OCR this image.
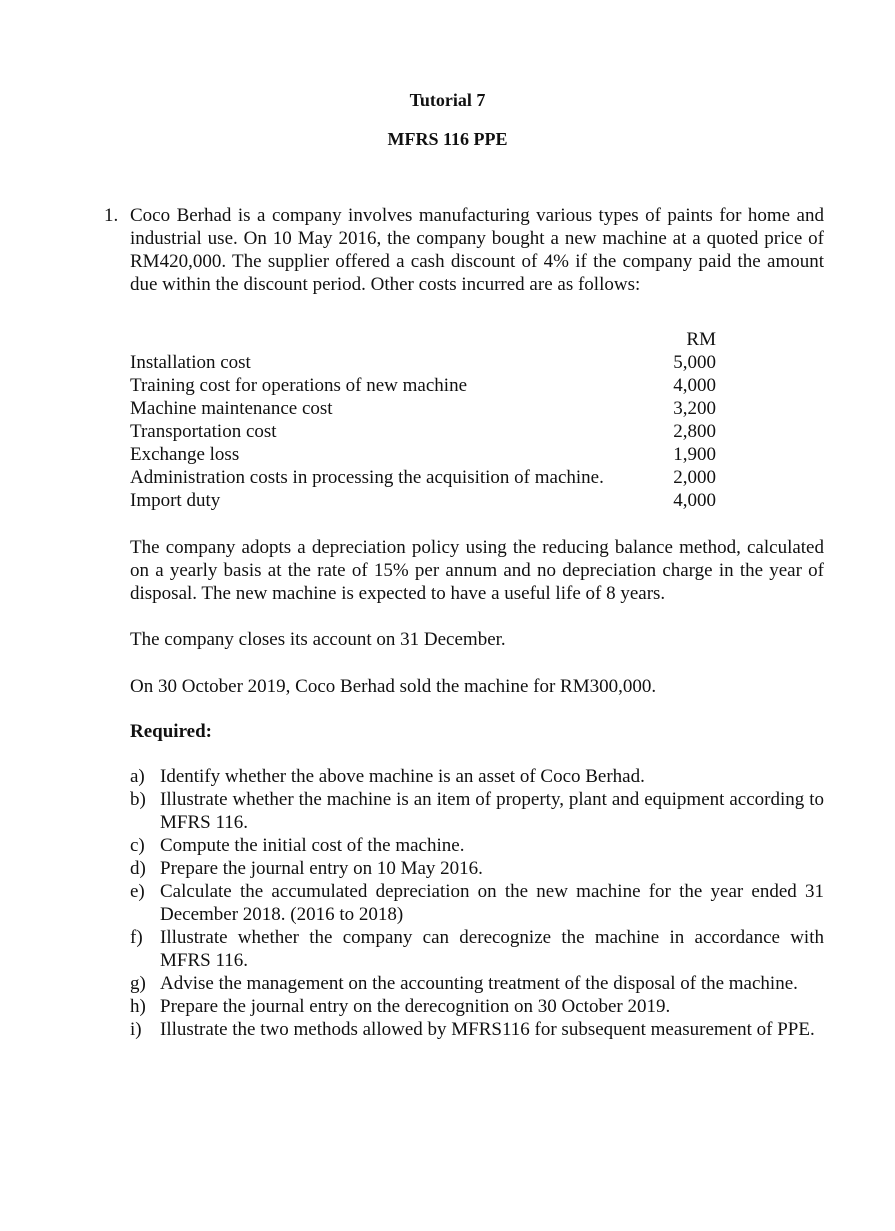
Tutorial 7
MFRS 116 PPE
1. Coco Berhad is a company involves manufacturing various types of paints for home and industrial use. On 10 May 2016, the company bought a new machine at a quoted price of RM420,000. The supplier offered a cash discount of 4% if the company paid the amount due within the discount period. Other costs incurred are as follows:
RM
Installation cost	5,000
Training cost for operations of new machine	4,000
Machine maintenance cost	3,200
Transportation cost	2,800
Exchange loss	1,900
Administration costs in processing the acquisition of machine.	2,000
Import duty	4,000
The company adopts a depreciation policy using the reducing balance method, calculated on a yearly basis at the rate of 15% per annum and no depreciation charge in the year of disposal. The new machine is expected to have a useful life of 8 years.
The company closes its account on 31 December.
On 30 October 2019, Coco Berhad sold the machine for RM300,000.
Required:
a) Identify whether the above machine is an asset of Coco Berhad.
b) Illustrate whether the machine is an item of property, plant and equipment according to MFRS 116.
c) Compute the initial cost of the machine.
d) Prepare the journal entry on 10 May 2016.
e) Calculate the accumulated depreciation on the new machine for the year ended 31 December 2018. (2016 to 2018)
f) Illustrate whether the company can derecognize the machine in accordance with MFRS 116.
g) Advise the management on the accounting treatment of the disposal of the machine.
h) Prepare the journal entry on the derecognition on 30 October 2019.
i) Illustrate the two methods allowed by MFRS116 for subsequent measurement of PPE.
